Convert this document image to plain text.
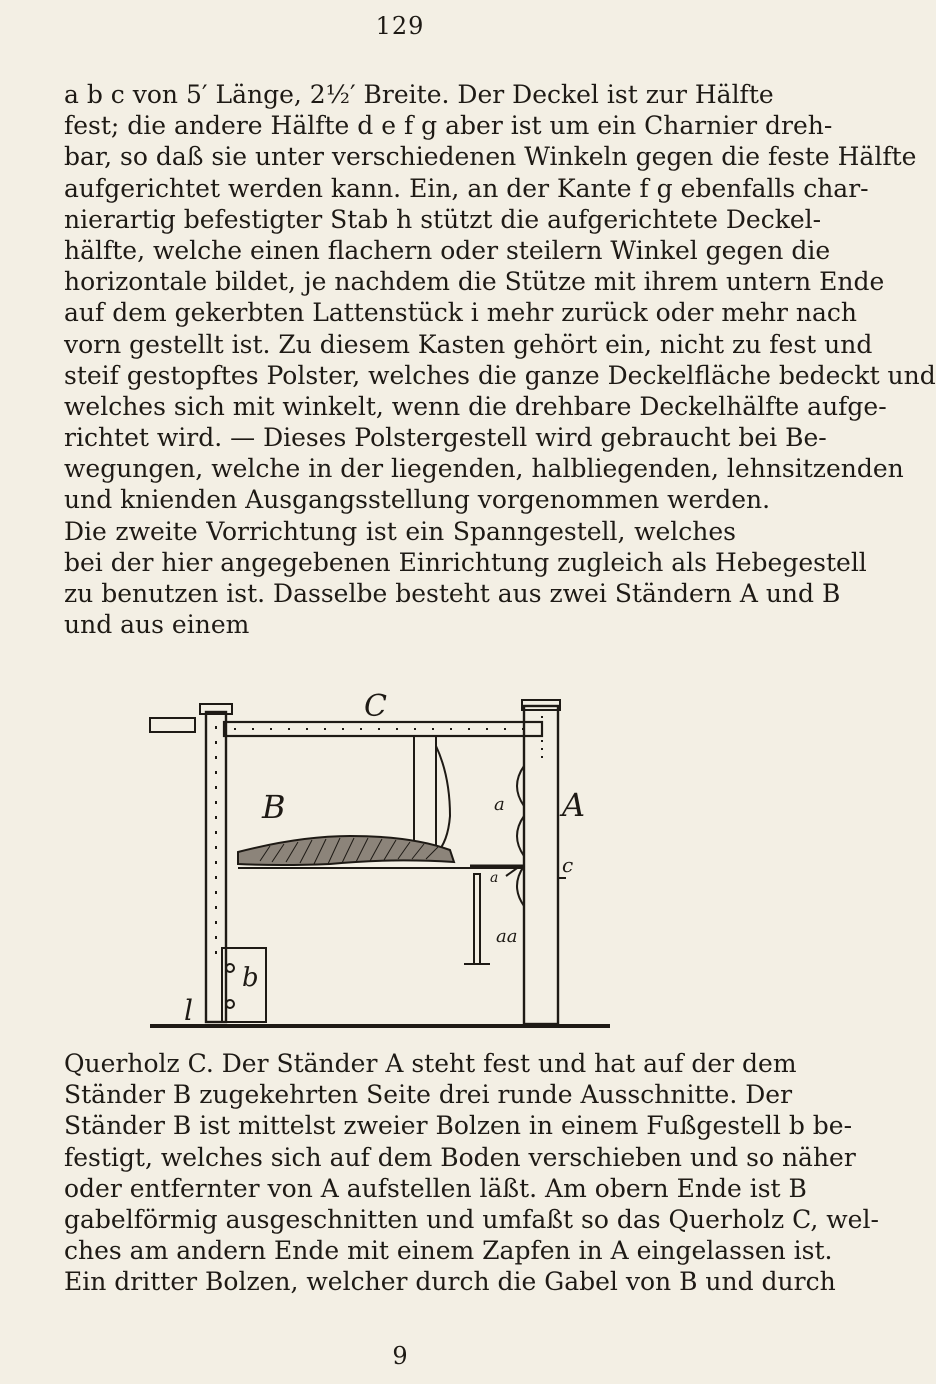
129
a b c von 5′ Länge, 2½′ Breite. Der Deckel ist zur Hälfte
fest; die andere Hälfte d e f g aber ist um ein Charnier dreh-
bar, so daß sie unter verschiedenen Winkeln gegen die feste Hälfte
aufgerichtet werden kann. Ein, an der Kante f g ebenfalls char-
nierartig befestigter Stab h stützt die aufgerichtete Deckel-
hälfte, welche einen flachern oder steilern Winkel gegen die
horizontale bildet, je nachdem die Stütze mit ihrem untern Ende
auf dem gekerbten Lattenstück i mehr zurück oder mehr nach
vorn gestellt ist. Zu diesem Kasten gehört ein, nicht zu fest und
steif gestopftes Polster, welches die ganze Deckelfläche bedeckt und
welches sich mit winkelt, wenn die drehbare Deckelhälfte aufge-
richtet wird. — Dieses Polstergestell wird gebraucht bei Be-
wegungen, welche in der liegenden, halbliegenden, lehnsitzenden
und knienden Ausgangsstellung vorgenommen werden.
Die zweite Vorrichtung ist ein Spanngestell, welches
bei der hier angegebenen Einrichtung zugleich als Hebegestell
zu benutzen ist. Dasselbe besteht aus zwei Ständern A und B
und aus einem
C
B	A
a
a
c
aa
b
l
Querholz C. Der Ständer A steht fest und hat auf der dem
Ständer B zugekehrten Seite drei runde Ausschnitte. Der
Ständer B ist mittelst zweier Bolzen in einem Fußgestell b be-
festigt, welches sich auf dem Boden verschieben und so näher
oder entfernter von A aufstellen läßt. Am obern Ende ist B
gabelförmig ausgeschnitten und umfaßt so das Querholz C, wel-
ches am andern Ende mit einem Zapfen in A eingelassen ist.
Ein dritter Bolzen, welcher durch die Gabel von B und durch
9
